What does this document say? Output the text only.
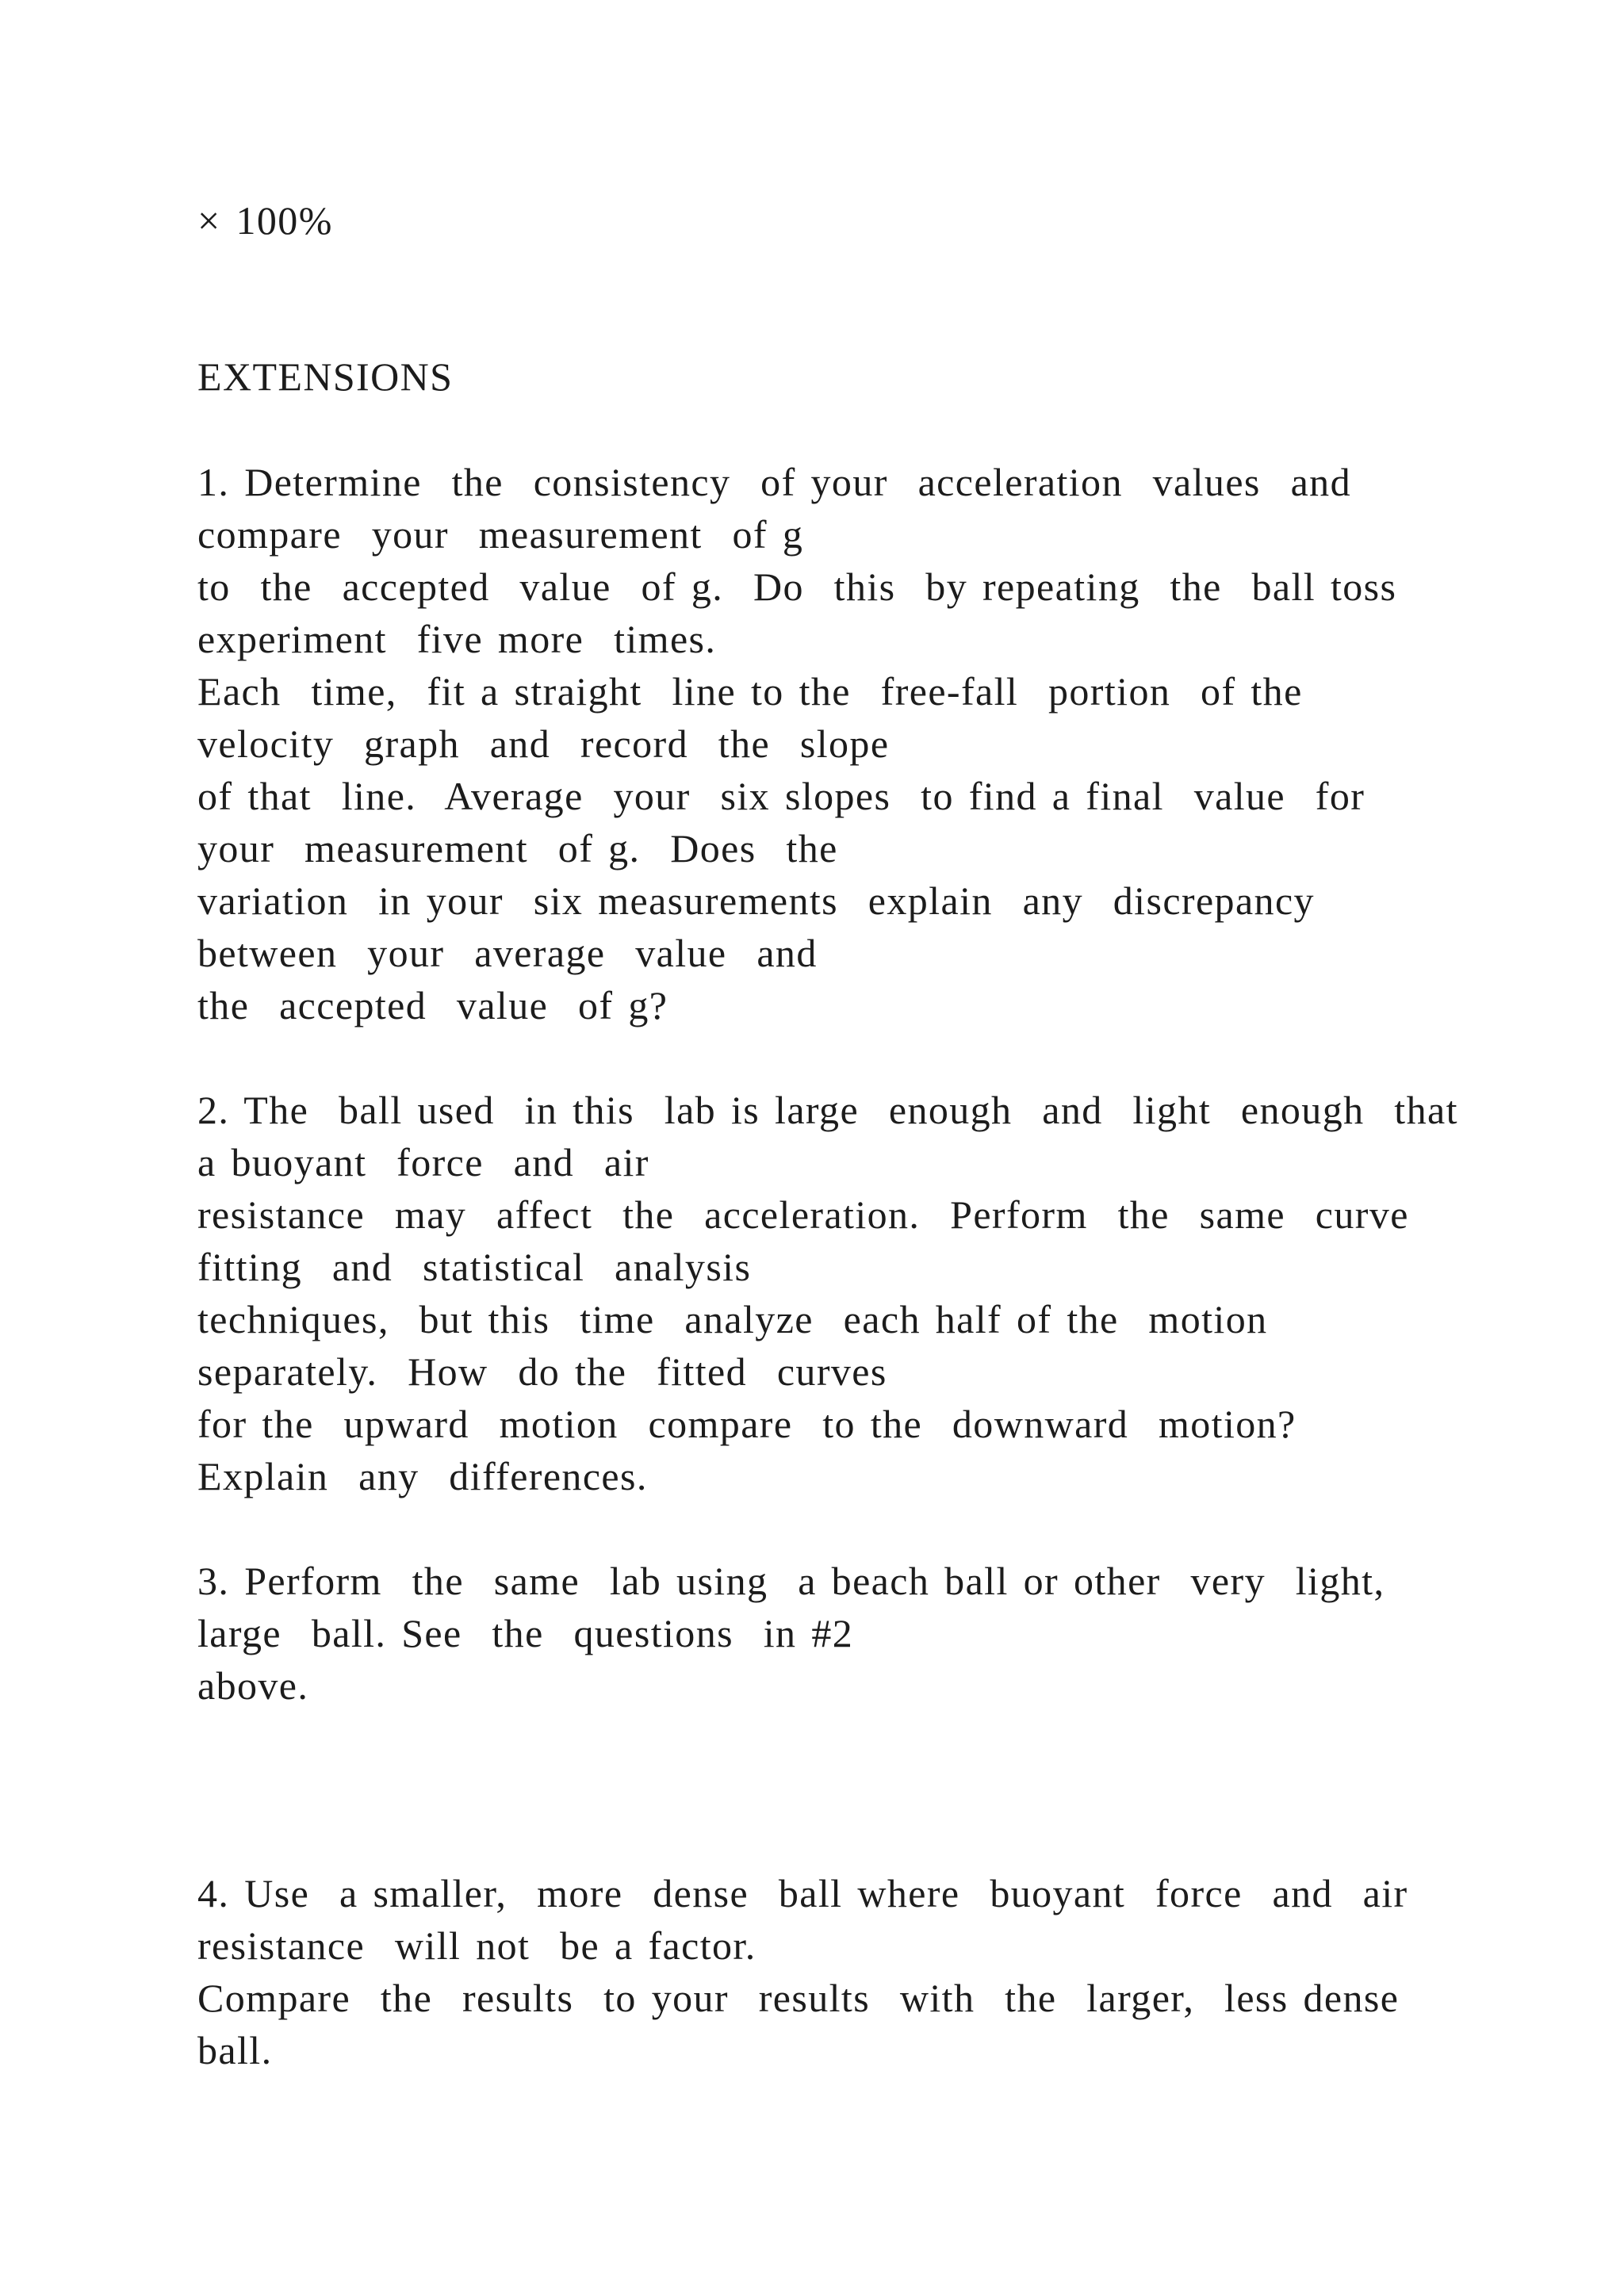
× 100%

EXTENSIONS

1. Determine  the  consistency  of your  acceleration  values  and

compare  your  measurement  of g

to  the  accepted  value  of g.  Do  this  by repeating  the  ball toss

experiment  five more  times.

Each  time,  fit a straight  line to the  free-fall  portion  of the

velocity  graph  and  record  the  slope

of that  line.  Average  your  six slopes  to find a final  value  for

your  measurement  of g.  Does  the

variation  in your  six measurements  explain  any  discrepancy

between  your  average  value  and

the  accepted  value  of g?

2. The  ball used  in this  lab is large  enough  and  light  enough  that

a buoyant  force  and  air

resistance  may  affect  the  acceleration.  Perform  the  same  curve

fitting  and  statistical  analysis

techniques,  but this  time  analyze  each half of the  motion

separately.  How  do the  fitted  curves

for the  upward  motion  compare  to the  downward  motion?

Explain  any  differences.

3. Perform  the  same  lab using  a beach ball or other  very  light,

large  ball. See  the  questions  in #2

above.

4. Use  a smaller,  more  dense  ball where  buoyant  force  and  air

resistance  will not  be a factor.

Compare  the  results  to your  results  with  the  larger,  less dense

ball.
